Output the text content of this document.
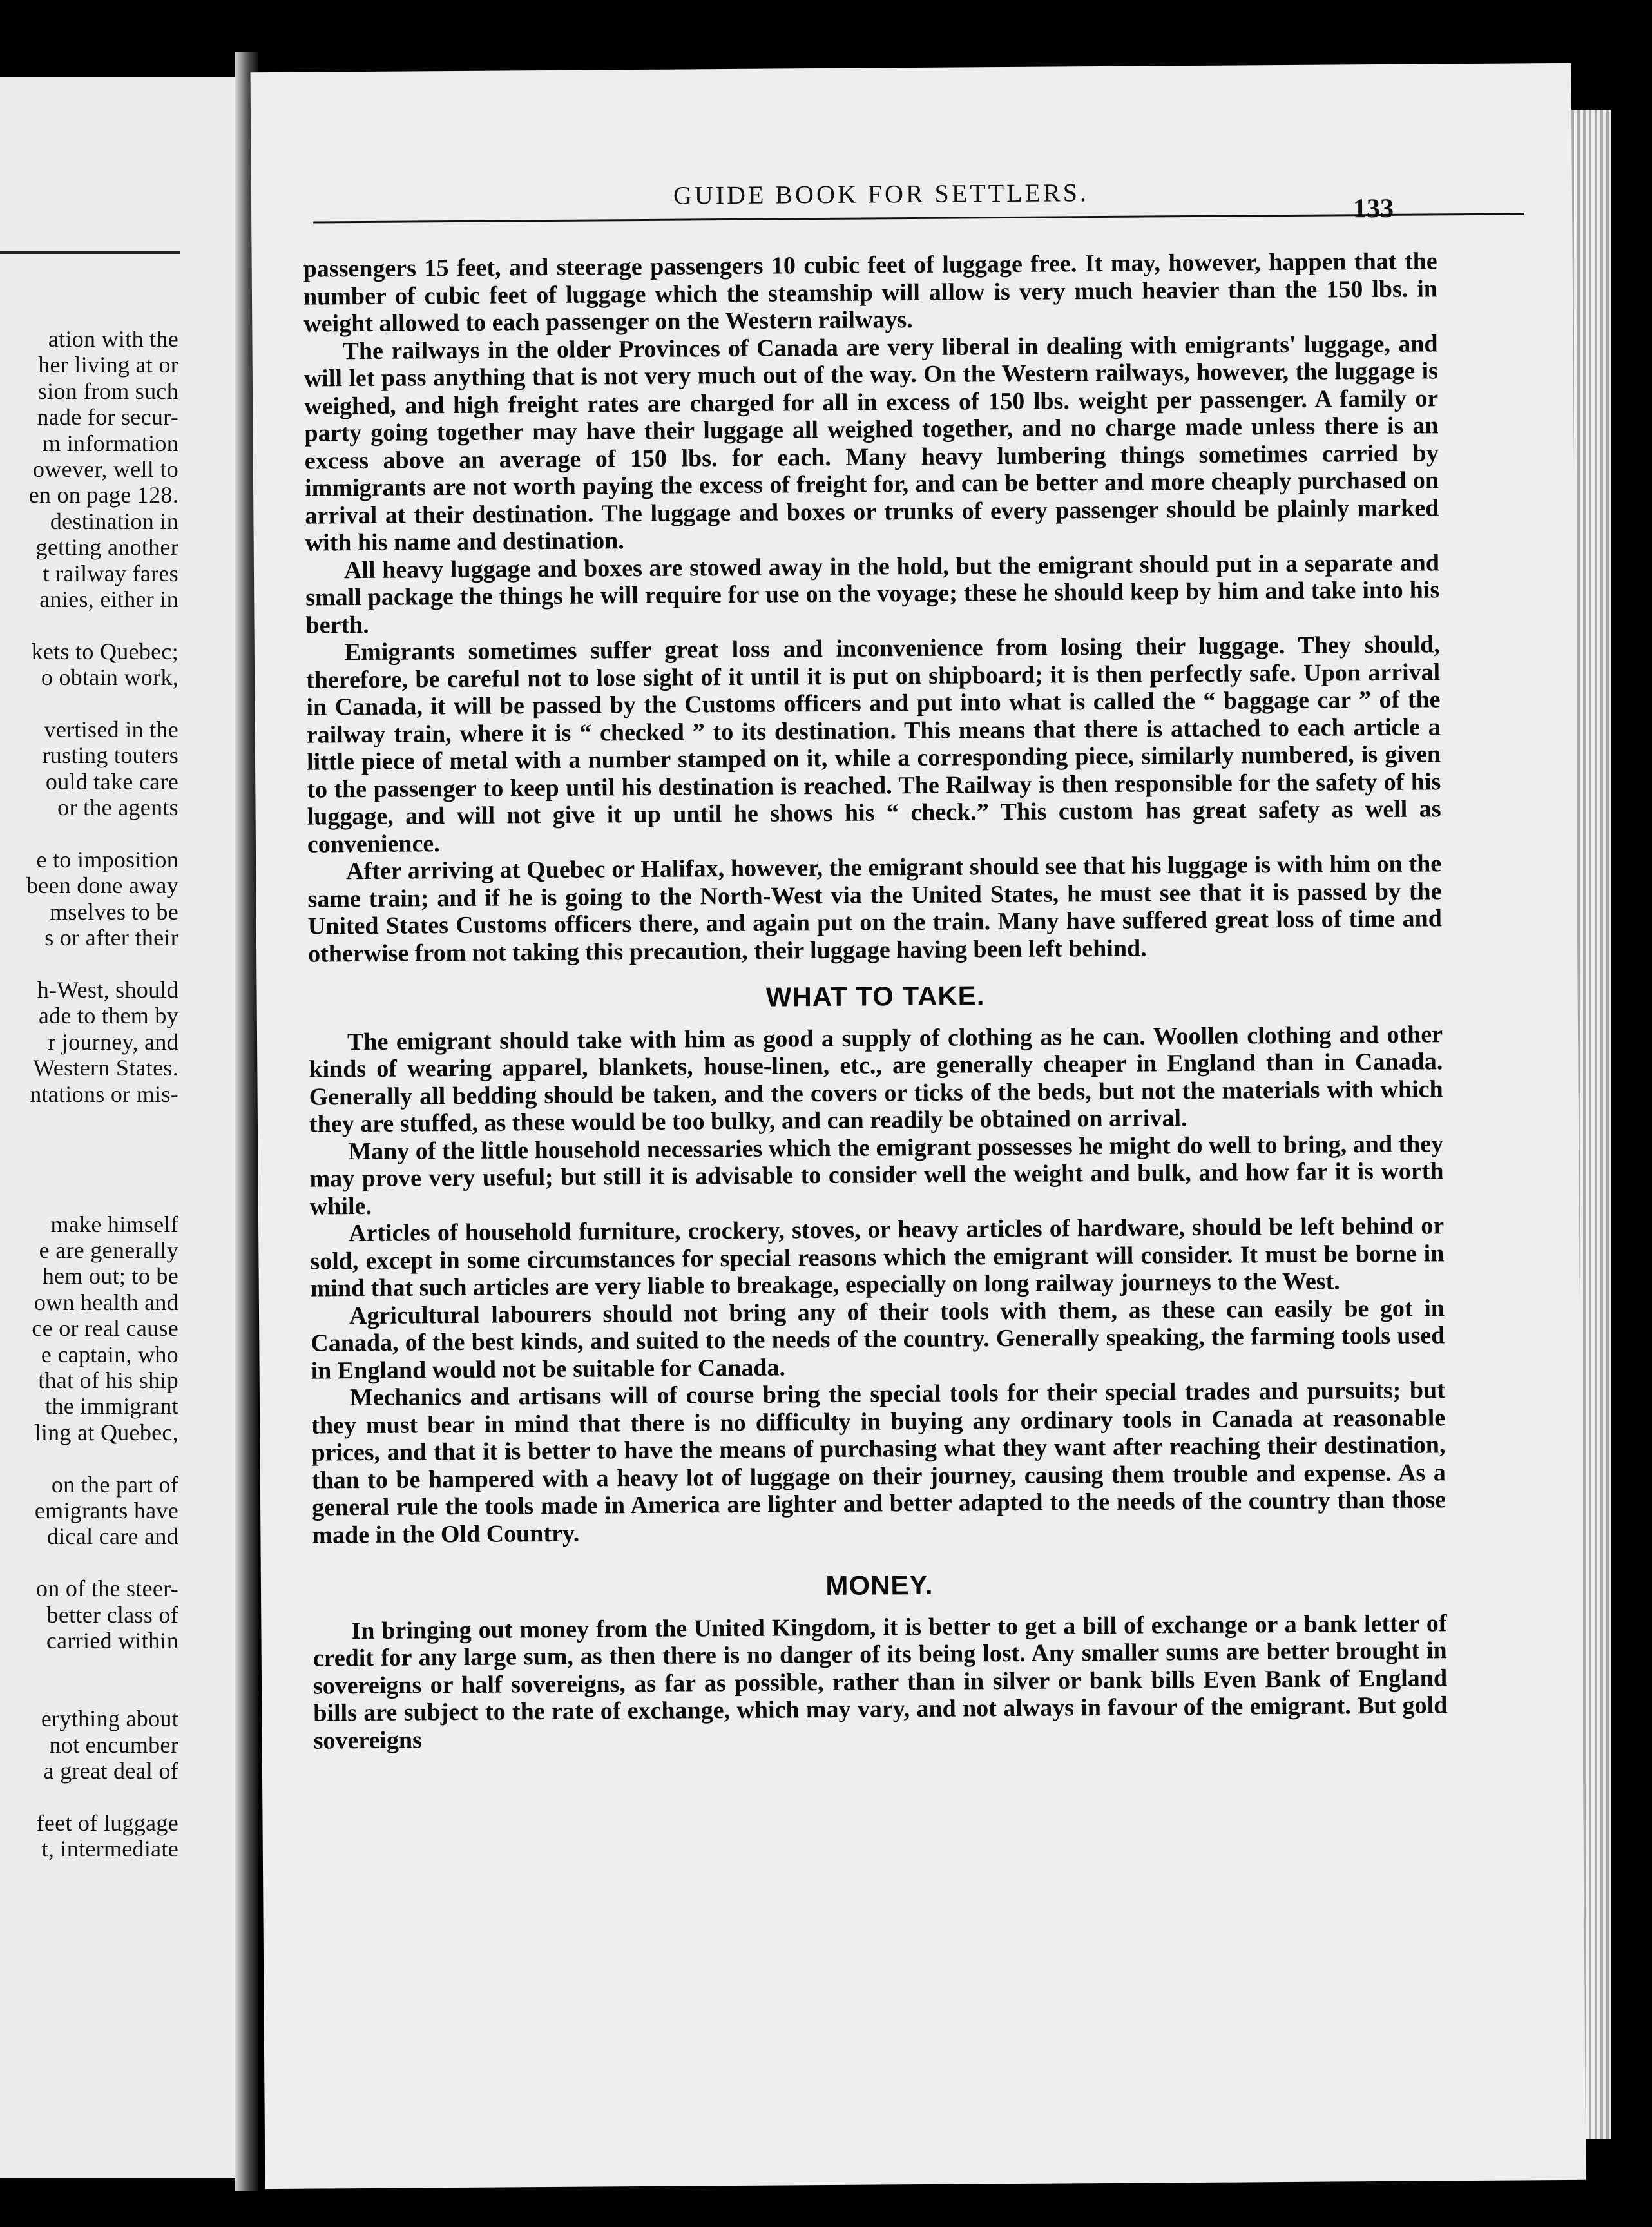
ation with the
her living at or
sion from such
nade for secur-
m information
owever, well to
en on page 128.
destination in
getting another
t railway fares
anies, either in
kets to Quebec;
o obtain work,
vertised in the
rusting touters
ould take care
or the agents
e to imposition
been done away
mselves to be
s or after their
h-West, should
ade to them by
r journey, and
Western States.
ntations or mis-
make himself
e are generally
hem out; to be
own health and
ce or real cause
e captain, who
that of his ship
the immigrant
ling at Quebec,
on the part of
emigrants have
dical care and
on of the steer-
better class of
carried within
erything about
not encumber
a great deal of
feet of luggage
t, intermediate
GUIDE BOOK FOR SETTLERS.	133

passengers 15 feet, and steerage passengers 10 cubic feet of luggage free. It may, however, happen that the number of cubic feet of luggage which the steamship will allow is very much heavier than the 150 lbs. in weight allowed to each passenger on the Western railways.

The railways in the older Provinces of Canada are very liberal in dealing with emigrants' luggage, and will let pass anything that is not very much out of the way. On the Western railways, however, the luggage is weighed, and high freight rates are charged for all in excess of 150 lbs. weight per passenger. A family or party going together may have their luggage all weighed together, and no charge made unless there is an excess above an average of 150 lbs. for each. Many heavy lumbering things sometimes carried by immigrants are not worth paying the excess of freight for, and can be better and more cheaply purchased on arrival at their destination. The luggage and boxes or trunks of every passenger should be plainly marked with his name and destination.

All heavy luggage and boxes are stowed away in the hold, but the emigrant should put in a separate and small package the things he will require for use on the voyage; these he should keep by him and take into his berth.

Emigrants sometimes suffer great loss and inconvenience from losing their luggage. They should, therefore, be careful not to lose sight of it until it is put on shipboard; it is then perfectly safe. Upon arrival in Canada, it will be passed by the Customs officers and put into what is called the “ baggage car ” of the railway train, where it is “ checked ” to its destination. This means that there is attached to each article a little piece of metal with a number stamped on it, while a corresponding piece, similarly numbered, is given to the passenger to keep until his destination is reached. The Railway is then responsible for the safety of his luggage, and will not give it up until he shows his “ check.” This custom has great safety as well as convenience.

After arriving at Quebec or Halifax, however, the emigrant should see that his luggage is with him on the same train; and if he is going to the North-West via the United States, he must see that it is passed by the United States Customs officers there, and again put on the train. Many have suffered great loss of time and otherwise from not taking this precaution, their luggage having been left behind.

WHAT TO TAKE.

The emigrant should take with him as good a supply of clothing as he can. Woollen clothing and other kinds of wearing apparel, blankets, house-linen, etc., are generally cheaper in England than in Canada. Generally all bedding should be taken, and the covers or ticks of the beds, but not the materials with which they are stuffed, as these would be too bulky, and can readily be obtained on arrival.

Many of the little household necessaries which the emigrant possesses he might do well to bring, and they may prove very useful; but still it is advisable to consider well the weight and bulk, and how far it is worth while.

Articles of household furniture, crockery, stoves, or heavy articles of hardware, should be left behind or sold, except in some circumstances for special reasons which the emigrant will consider. It must be borne in mind that such articles are very liable to breakage, especially on long railway journeys to the West.

Agricultural labourers should not bring any of their tools with them, as these can easily be got in Canada, of the best kinds, and suited to the needs of the country. Generally speaking, the farming tools used in England would not be suitable for Canada.

Mechanics and artisans will of course bring the special tools for their special trades and pursuits; but they must bear in mind that there is no difficulty in buying any ordinary tools in Canada at reasonable prices, and that it is better to have the means of purchasing what they want after reaching their destination, than to be hampered with a heavy lot of luggage on their journey, causing them trouble and expense. As a general rule the tools made in America are lighter and better adapted to the needs of the country than those made in the Old Country.

MONEY.

In bringing out money from the United Kingdom, it is better to get a bill of exchange or a bank letter of credit for any large sum, as then there is no danger of its being lost. Any smaller sums are better brought in sovereigns or half sovereigns, as far as possible, rather than in silver or bank bills Even Bank of England bills are subject to the rate of exchange, which may vary, and not always in favour of the emigrant. But gold sovereigns
